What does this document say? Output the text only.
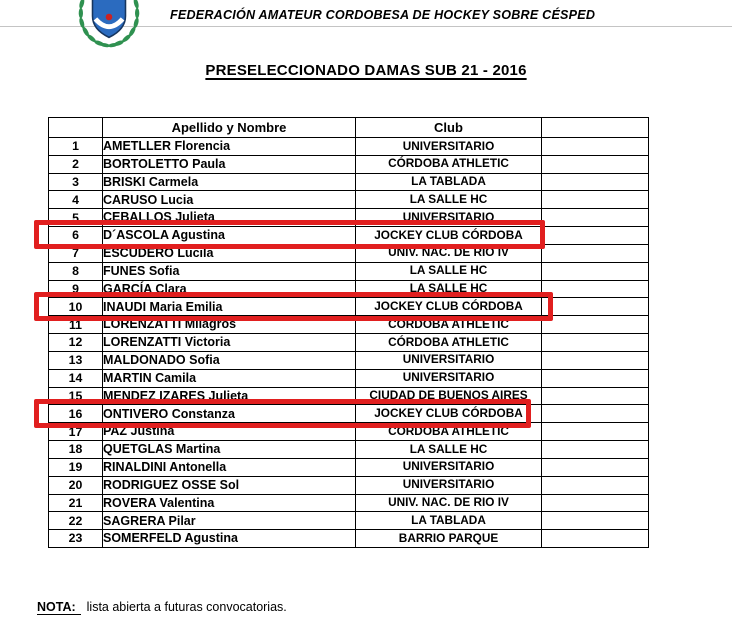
FEDERACIÓN AMATEUR CORDOBESA DE HOCKEY SOBRE CÉSPED
PRESELECCIONADO DAMAS SUB 21 - 2016
	Apellido y Nombre	Club	
1	AMETLLER Florencia	UNIVERSITARIO	
2	BORTOLETTO Paula	CÓRDOBA ATHLETIC	
3	BRISKI Carmela	LA TABLADA	
4	CARUSO Lucia	LA SALLE HC	
5	CEBALLOS Julieta	UNIVERSITARIO	
6	D´ASCOLA Agustina	JOCKEY CLUB CÓRDOBA	
7	ESCUDERO Lucila	UNIV. NAC. DE RIO IV	
8	FUNES Sofia	LA SALLE HC	
9	GARCÍA Clara	LA SALLE HC	
10	INAUDI Maria Emilia	JOCKEY CLUB CÓRDOBA	
11	LORENZATTI Milagros	CÓRDOBA ATHLETIC	
12	LORENZATTI Victoria	CÓRDOBA ATHLETIC	
13	MALDONADO Sofia	UNIVERSITARIO	
14	MARTIN Camila	UNIVERSITARIO	
15	MENDEZ IZARES Julieta	CIUDAD DE BUENOS AIRES	
16	ONTIVERO Constanza	JOCKEY CLUB CÓRDOBA	
17	PAZ Justina	CÓRDOBA ATHLETIC	
18	QUETGLAS Martina	LA SALLE HC	
19	RINALDINI Antonella	UNIVERSITARIO	
20	RODRIGUEZ OSSE Sol	UNIVERSITARIO	
21	ROVERA Valentina	UNIV. NAC. DE RIO IV	
22	SAGRERA Pilar	LA TABLADA	
23	SOMERFELD Agustina	BARRIO PARQUE	
NOTA: lista abierta a futuras convocatorias.
